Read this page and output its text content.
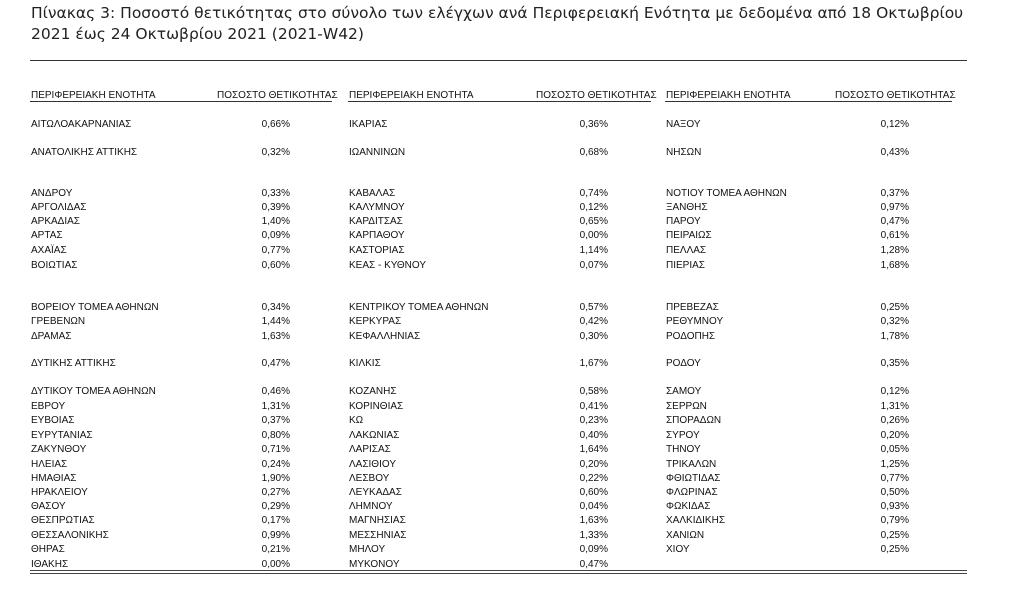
Πίνακας 3: Ποσοστό θετικότητας στο σύνολο των ελέγχων ανά Περιφερειακή Ενότητα με δεδομένα από 18 Οκτωβρίου 2021 έως 24 Οκτωβρίου 2021 (2021-W42)
ΠΕΡΙΦΕΡΕΙΑΚΗ ΕΝΟΤΗΤΑ	ΠΟΣΟΣΤΟ ΘΕΤΙΚΟΤΗΤΑΣ
ΑΙΤΩΛΟΑΚΑΡΝΑΝΙΑΣ	0,66%
ΑΝΑΤΟΛΙΚΗΣ ΑΤΤΙΚΗΣ	0,32%
ΑΝΔΡΟΥ	0,33%
ΑΡΓΟΛΙΔΑΣ	0,39%
ΑΡΚΑΔΙΑΣ	1,40%
ΑΡΤΑΣ	0,09%
ΑΧΑΪΑΣ	0,77%
ΒΟΙΩΤΙΑΣ	0,60%
ΒΟΡΕΙΟΥ ΤΟΜΕΑ ΑΘΗΝΩΝ	0,34%
ΓΡΕΒΕΝΩΝ	1,44%
ΔΡΑΜΑΣ	1,63%
ΔΥΤΙΚΗΣ ΑΤΤΙΚΗΣ	0,47%
ΔΥΤΙΚΟΥ ΤΟΜΕΑ ΑΘΗΝΩΝ	0,46%
ΕΒΡΟΥ	1,31%
ΕΥΒΟΙΑΣ	0,37%
ΕΥΡΥΤΑΝΙΑΣ	0,80%
ΖΑΚΥΝΘΟΥ	0,71%
ΗΛΕΙΑΣ	0,24%
ΗΜΑΘΙΑΣ	1,90%
ΗΡΑΚΛΕΙΟΥ	0,27%
ΘΑΣΟΥ	0,29%
ΘΕΣΠΡΩΤΙΑΣ	0,17%
ΘΕΣΣΑΛΟΝΙΚΗΣ	0,99%
ΘΗΡΑΣ	0,21%
ΙΘΑΚΗΣ	0,00%
ΠΕΡΙΦΕΡΕΙΑΚΗ ΕΝΟΤΗΤΑ	ΠΟΣΟΣΤΟ ΘΕΤΙΚΟΤΗΤΑΣ
ΙΚΑΡΙΑΣ	0,36%
ΙΩΑΝΝΙΝΩΝ	0,68%
ΚΑΒΑΛΑΣ	0,74%
ΚΑΛΥΜΝΟΥ	0,12%
ΚΑΡΔΙΤΣΑΣ	0,65%
ΚΑΡΠΑΘΟΥ	0,00%
ΚΑΣΤΟΡΙΑΣ	1,14%
ΚΕΑΣ - ΚΥΘΝΟΥ	0,07%
ΚΕΝΤΡΙΚΟΥ ΤΟΜΕΑ ΑΘΗΝΩΝ	0,57%
ΚΕΡΚΥΡΑΣ	0,42%
ΚΕΦΑΛΛΗΝΙΑΣ	0,30%
ΚΙΛΚΙΣ	1,67%
ΚΟΖΑΝΗΣ	0,58%
ΚΟΡΙΝΘΙΑΣ	0,41%
ΚΩ	0,23%
ΛΑΚΩΝΙΑΣ	0,40%
ΛΑΡΙΣΑΣ	1,64%
ΛΑΣΙΘΙΟΥ	0,20%
ΛΕΣΒΟΥ	0,22%
ΛΕΥΚΑΔΑΣ	0,60%
ΛΗΜΝΟΥ	0,04%
ΜΑΓΝΗΣΙΑΣ	1,63%
ΜΕΣΣΗΝΙΑΣ	1,33%
ΜΗΛΟΥ	0,09%
ΜΥΚΟΝΟΥ	0,47%
ΠΕΡΙΦΕΡΕΙΑΚΗ ΕΝΟΤΗΤΑ	ΠΟΣΟΣΤΟ ΘΕΤΙΚΟΤΗΤΑΣ
ΝΑΞΟΥ	0,12%
ΝΗΣΩΝ	0,43%
ΝΟΤΙΟΥ ΤΟΜΕΑ ΑΘΗΝΩΝ	0,37%
ΞΑΝΘΗΣ	0,97%
ΠΑΡΟΥ	0,47%
ΠΕΙΡΑΙΩΣ	0,61%
ΠΕΛΛΑΣ	1,28%
ΠΙΕΡΙΑΣ	1,68%
ΠΡΕΒΕΖΑΣ	0,25%
ΡΕΘΥΜΝΟΥ	0,32%
ΡΟΔΟΠΗΣ	1,78%
ΡΟΔΟΥ	0,35%
ΣΑΜΟΥ	0,12%
ΣΕΡΡΩΝ	1,31%
ΣΠΟΡΑΔΩΝ	0,26%
ΣΥΡΟΥ	0,20%
ΤΗΝΟΥ	0,05%
ΤΡΙΚΑΛΩΝ	1,25%
ΦΘΙΩΤΙΔΑΣ	0,77%
ΦΛΩΡΙΝΑΣ	0,50%
ΦΩΚΙΔΑΣ	0,93%
ΧΑΛΚΙΔΙΚΗΣ	0,79%
ΧΑΝΙΩΝ	0,25%
ΧΙΟΥ	0,25%
